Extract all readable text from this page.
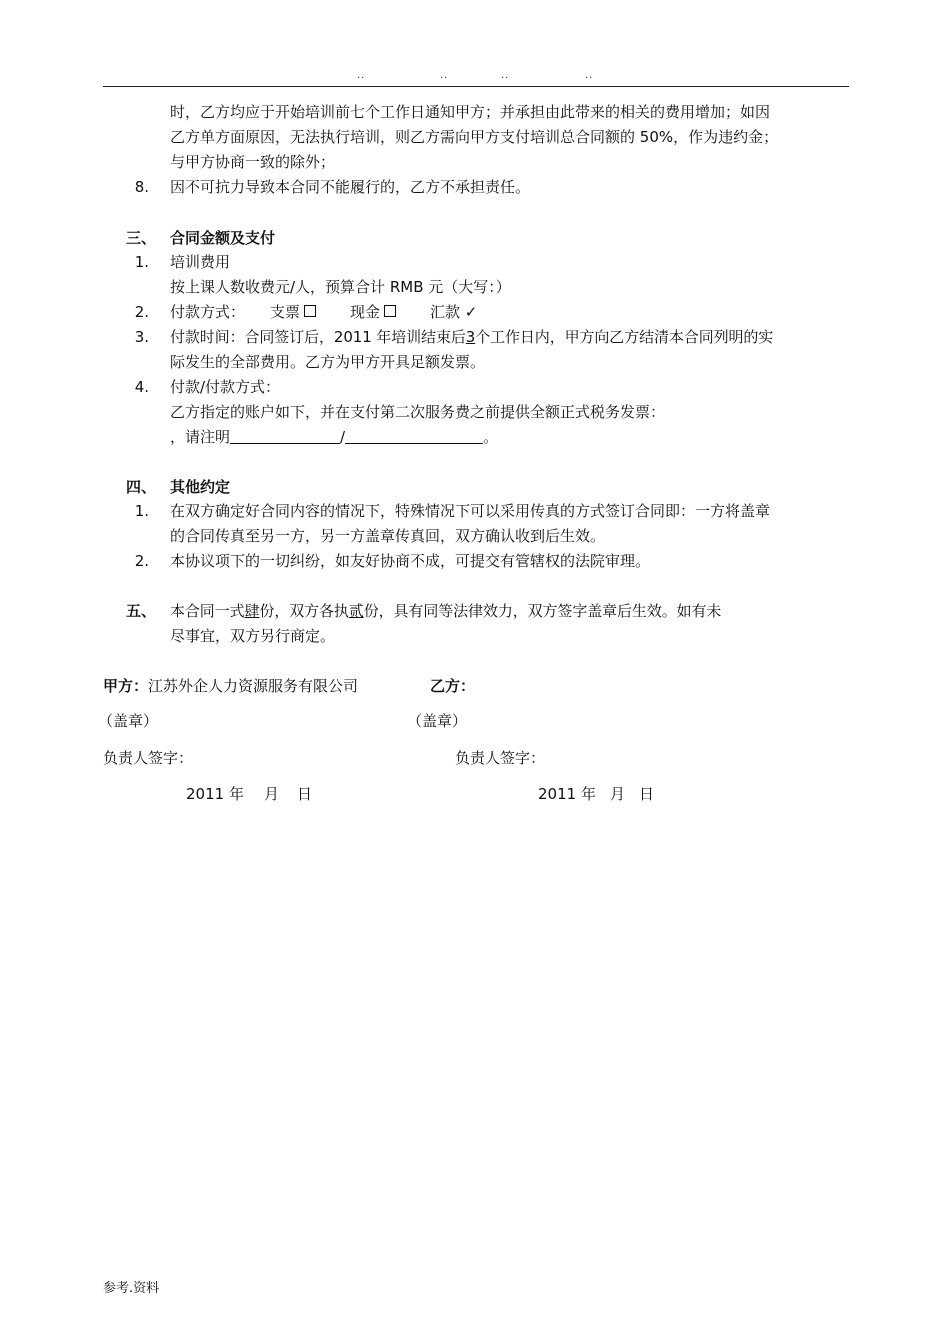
..	..	..	..
时，乙方均应于开始培训前七个工作日通知甲方；并承担由此带来的相关的费用增加；如因
乙方单方面原因，无法执行培训，则乙方需向甲方支付培训总合同额的 50%，作为违约金；
与甲方协商一致的除外；
8. 因不可抗力导致本合同不能履行的，乙方不承担责任。
三、 合同金额及支付
1. 培训费用
按上课人数收费元/人，预算合计 RMB 元（大写：）
2. 付款方式： 支票	现金	汇款 ✓
3. 付款时间：合同签订后，2011 年培训结束后3个工作日内，甲方向乙方结清本合同列明的实
际发生的全部费用。乙方为甲方开具足额发票。
4. 付款/付款方式：
乙方指定的账户如下，并在支付第二次服务费之前提供全额正式税务发票：
，请注明	/	。
四、 其他约定
1. 在双方确定好合同内容的情况下，特殊情况下可以采用传真的方式签订合同即：一方将盖章
的合同传真至另一方，另一方盖章传真回，双方确认收到后生效。
2. 本协议项下的一切纠纷，如友好协商不成，可提交有管辖权的法院审理。
五、 本合同一式肆份，双方各执贰份，具有同等法律效力，双方签字盖章后生效。如有未
尽事宜，双方另行商定。
甲方：江苏外企人力资源服务有限公司	乙方：
（盖章）	（盖章）
负责人签字：	负责人签字：
2011 年 月 日	2011 年 月 日
参考.资料
